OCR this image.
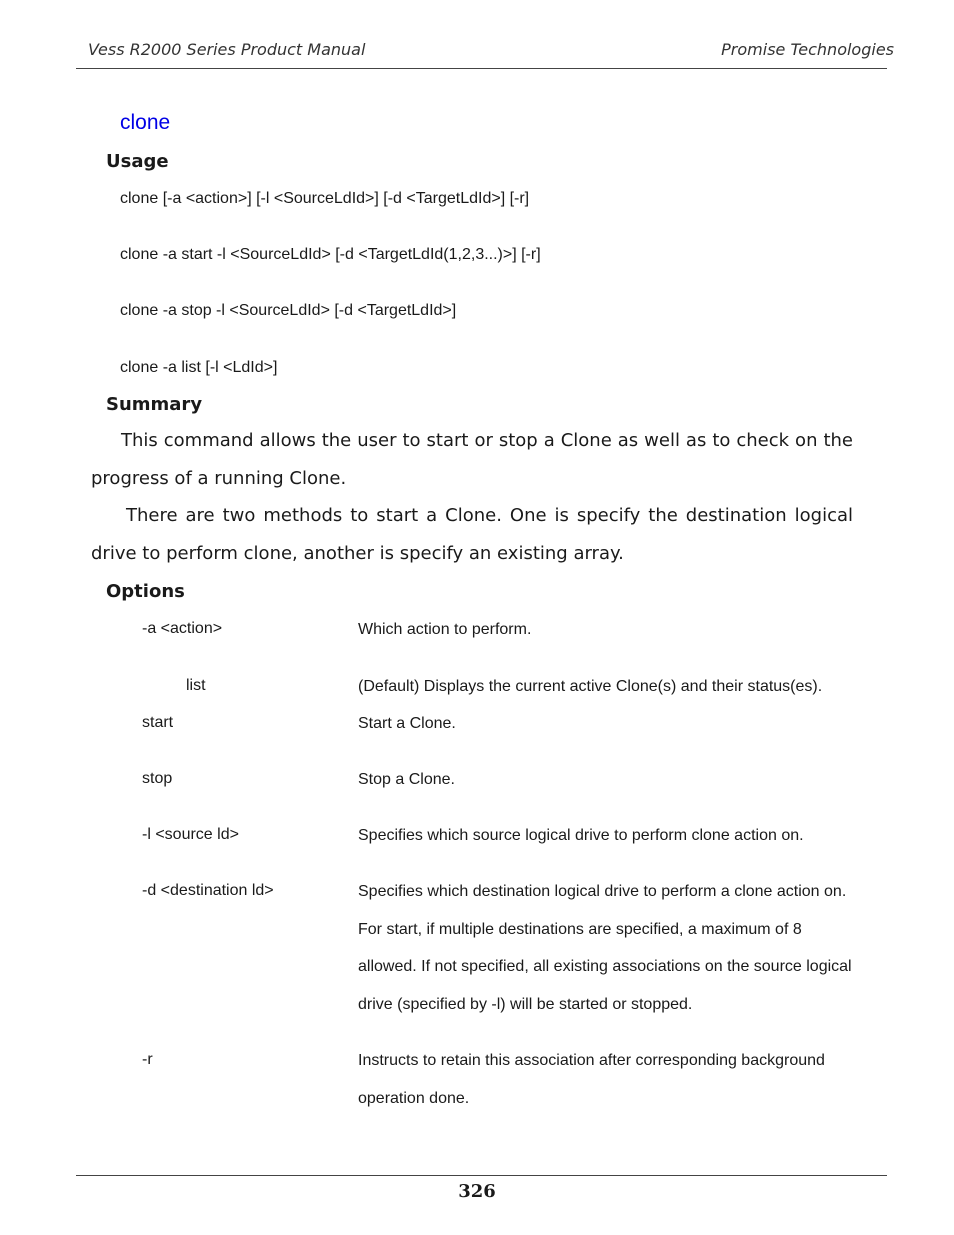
Vess R2000 Series Product Manual	Promise Technologies
clone
Usage
clone [-a <action>] [-l <SourceLdId>] [-d <TargetLdId>] [-r]
clone -a start -l <SourceLdId> [-d <TargetLdId(1,2,3...)>] [-r]
clone -a stop -l <SourceLdId> [-d <TargetLdId>]
clone -a list [-l <LdId>]
Summary
This command allows the user to start or stop a Clone as well as to check on the progress of a running Clone.
There are two methods to start a Clone. One is specify the destination logical drive to perform clone, another is specify an existing array.
Options
-a <action>	Which action to perform.
list	(Default) Displays the current active Clone(s) and their status(es).
start	Start a Clone.
stop	Stop a Clone.
-l <source ld>	Specifies which source logical drive to perform clone action on.
-d <destination ld>	Specifies which destination logical drive to perform a clone action on. For start, if multiple destinations are specified, a maximum of 8 allowed. If not specified, all existing associations on the source logical drive (specified by -l) will be started or stopped.
-r	Instructs to retain this association after corresponding background operation done.
326
